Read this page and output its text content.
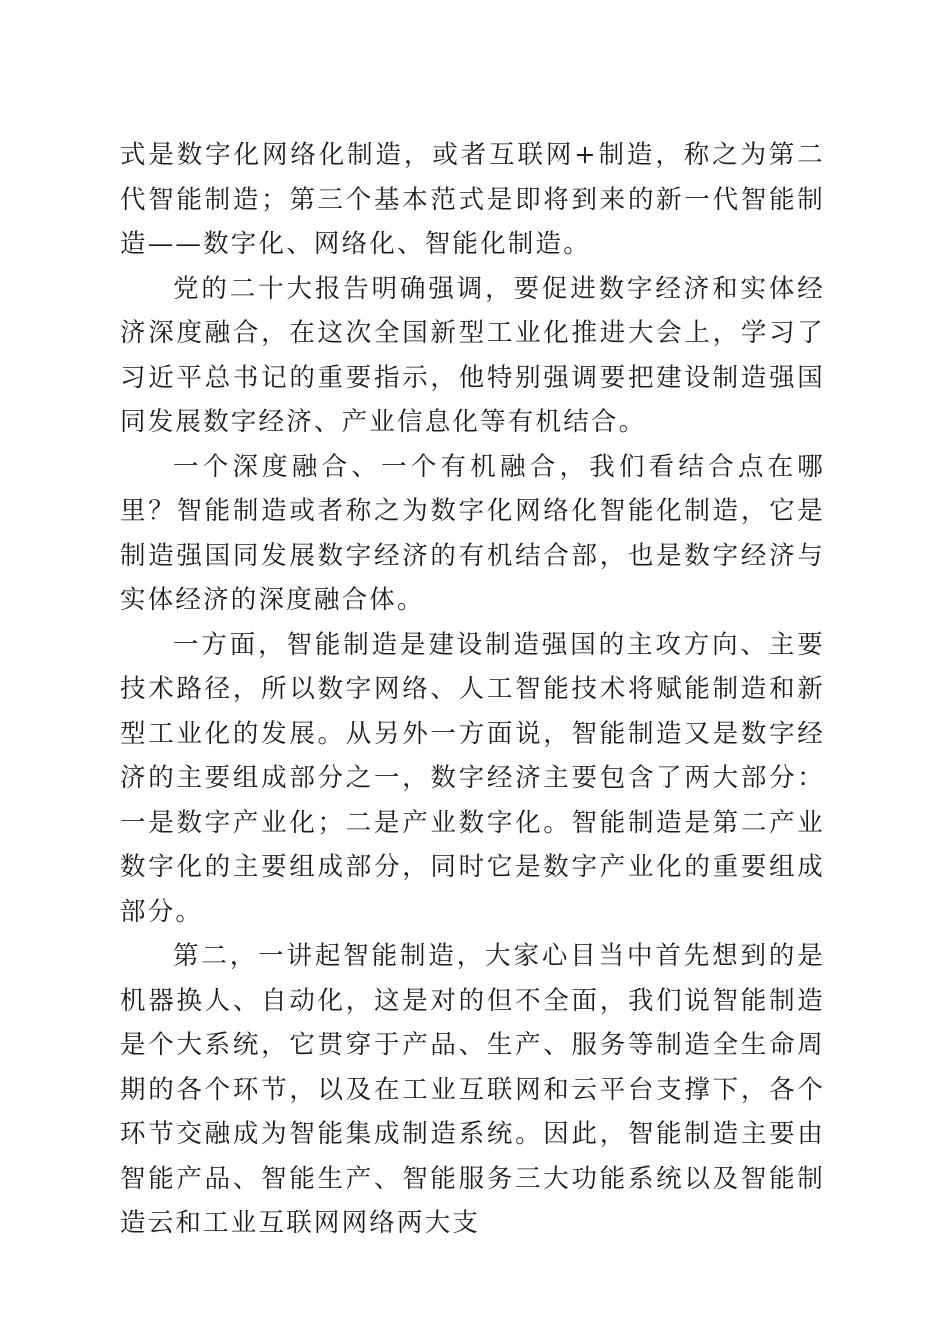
式是数字化网络化制造，或者互联网+制造，称之为第二代智能制造；第三个基本范式是即将到来的新一代智能制造——数字化、网络化、智能化制造。

党的二十大报告明确强调，要促进数字经济和实体经济深度融合，在这次全国新型工业化推进大会上，学习了习近平总书记的重要指示，他特别强调要把建设制造强国同发展数字经济、产业信息化等有机结合。

一个深度融合、一个有机融合，我们看结合点在哪里？智能制造或者称之为数字化网络化智能化制造，它是制造强国同发展数字经济的有机结合部，也是数字经济与实体经济的深度融合体。

一方面，智能制造是建设制造强国的主攻方向、主要技术路径，所以数字网络、人工智能技术将赋能制造和新型工业化的发展。从另外一方面说，智能制造又是数字经济的主要组成部分之一，数字经济主要包含了两大部分：一是数字产业化；二是产业数字化。智能制造是第二产业数字化的主要组成部分，同时它是数字产业化的重要组成部分。

第二，一讲起智能制造，大家心目当中首先想到的是机器换人、自动化，这是对的但不全面，我们说智能制造是个大系统，它贯穿于产品、生产、服务等制造全生命周期的各个环节，以及在工业互联网和云平台支撑下，各个环节交融成为智能集成制造系统。因此，智能制造主要由智能产品、智能生产、智能服务三大功能系统以及智能制造云和工业互联网网络两大支
